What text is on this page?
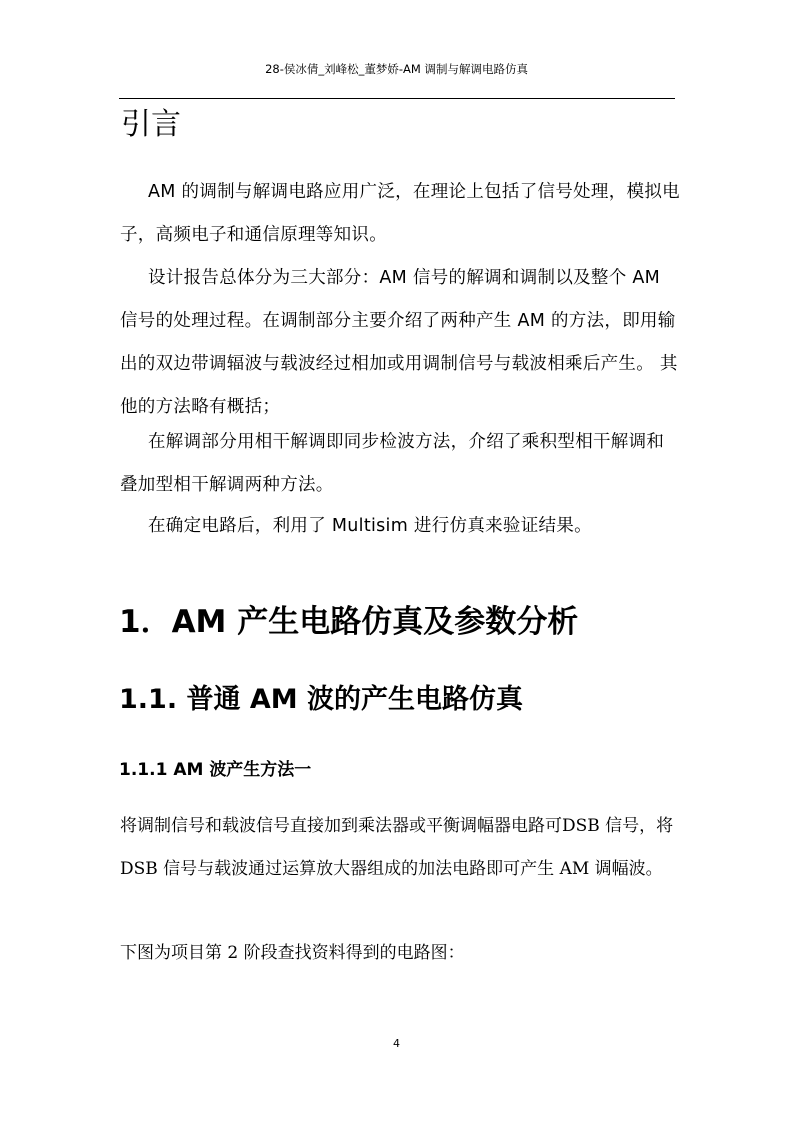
28-侯冰倩_刘峰松_董梦娇-AM 调制与解调电路仿真
引言

AM 的调制与解调电路应用广泛，在理论上包括了信号处理，模拟电子，高频电子和通信原理等知识。

设计报告总体分为三大部分：AM 信号的解调和调制以及整个 AM 信号的处理过程。在调制部分主要介绍了两种产生 AM 的方法，即用输出的双边带调辐波与载波经过相加或用调制信号与载波相乘后产生。 其他的方法略有概括；

在解调部分用相干解调即同步检波方法，介绍了乘积型相干解调和叠加型相干解调两种方法。

在确定电路后，利用了 Multisim 进行仿真来验证结果。

1．AM 产生电路仿真及参数分析
1.1. 普通 AM 波的产生电路仿真
1.1.1 AM 波产生方法一

将调制信号和载波信号直接加到乘法器或平衡调幅器电路可DSB 信号，将 DSB 信号与载波通过运算放大器组成的加法电路即可产生 AM 调幅波。

下图为项目第 2 阶段查找资料得到的电路图：

4
